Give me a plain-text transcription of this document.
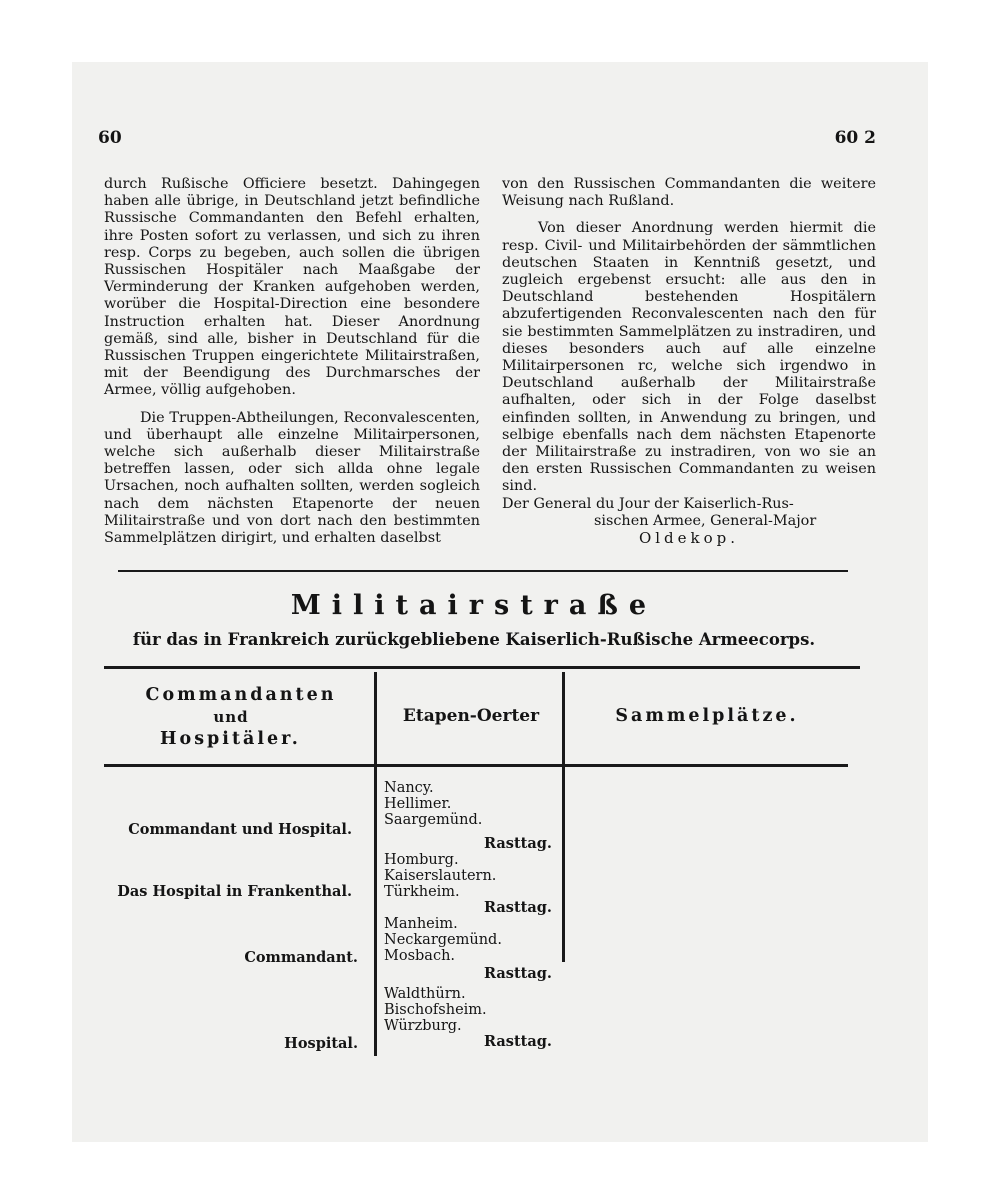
60	60 2

durch Rußische Officiere besetzt. Dahingegen haben alle übrige, in Deutschland jetzt befindliche Russische Commandanten den Befehl erhalten, ihre Posten sofort zu verlassen, und sich zu ihren resp. Corps zu begeben, auch sollen die übrigen Russischen Hospitäler nach Maaßgabe der Verminderung der Kranken aufgehoben werden, worüber die Hospital-Direction eine besondere Instruction erhalten hat. Dieser Anordnung gemäß, sind alle, bisher in Deutschland für die Russischen Truppen eingerichtete Militairstraßen, mit der Beendigung des Durchmarsches der Armee, völlig aufgehoben.

Die Truppen-Abtheilungen, Reconvalescenten, und überhaupt alle einzelne Militairpersonen, welche sich außerhalb dieser Militairstraße betreffen lassen, oder sich allda ohne legale Ursachen, noch aufhalten sollten, werden sogleich nach dem nächsten Etapenorte der neuen Militairstraße und von dort nach den bestimmten Sammelplätzen dirigirt, und erhalten daselbst

von den Russischen Commandanten die weitere Weisung nach Rußland.

Von dieser Anordnung werden hiermit die resp. Civil- und Militairbehörden der sämmtlichen deutschen Staaten in Kenntniß gesetzt, und zugleich ergebenst ersucht: alle aus den in Deutschland bestehenden Hospitälern abzufertigenden Reconvalescenten nach den für sie bestimmten Sammelplätzen zu instradiren, und dieses besonders auch auf alle einzelne Militairpersonen rc, welche sich irgendwo in Deutschland außerhalb der Militairstraße aufhalten, oder sich in der Folge daselbst einfinden sollten, in Anwendung zu bringen, und selbige ebenfalls nach dem nächsten Etapenorte der Militairstraße zu instradiren, von wo sie an den ersten Russischen Commandanten zu weisen sind.

Der General du Jour der Kaiserlich-Rus-

sischen Armee, General-Major

Oldekop.

Militairstraße
für das in Frankreich zurückgebliebene Kaiserlich-Rußische Armeecorps.
Commandanten
und
Hospitäler.
Etapen-Oerter	Sammelplätze.
Commandant und Hospital.
Nancy.
Hellimer.
Saargemünd.
Rasttag.
Das Hospital in Frankenthal.
Homburg.
Kaiserslautern.
Türkheim.
Rasttag.
Commandant.
Manheim.
Neckargemünd.
Mosbach.
Rasttag.
Hospital.
Waldthürn.
Bischofsheim.
Würzburg.
Rasttag.
